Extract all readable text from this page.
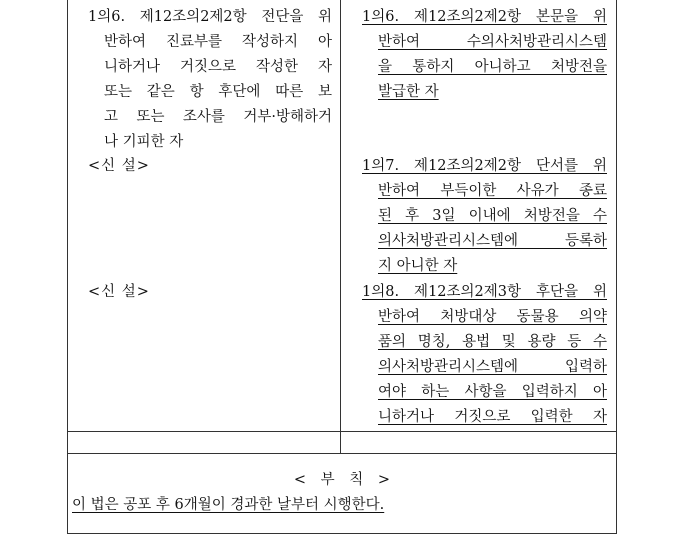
1의6. 제12조의2제2항 전단을 위
반하여 진료부를 작성하지 아
니하거나 거짓으로 작성한 자
또는 같은 항 후단에 따른 보
고 또는 조사를 거부·방해하거
나 기피한 자
<신 설>
<신 설>
1의6. 제12조의2제2항 본문을 위
반하여 수의사처방관리시스템
을 통하지 아니하고 처방전을
발급한 자
1의7. 제12조의2제2항 단서를 위
반하여 부득이한 사유가 종료
된 후 3일 이내에 처방전을 수
의사처방관리시스템에 등록하
지 아니한 자
1의8. 제12조의2제3항 후단을 위
반하여 처방대상 동물용 의약
품의 명칭, 용법 및 용량 등 수
의사처방관리시스템에 입력하
여야 하는 사항을 입력하지 아
니하거나 거짓으로 입력한 자
< 부 칙 >
이 법은 공포 후 6개월이 경과한 날부터 시행한다.
